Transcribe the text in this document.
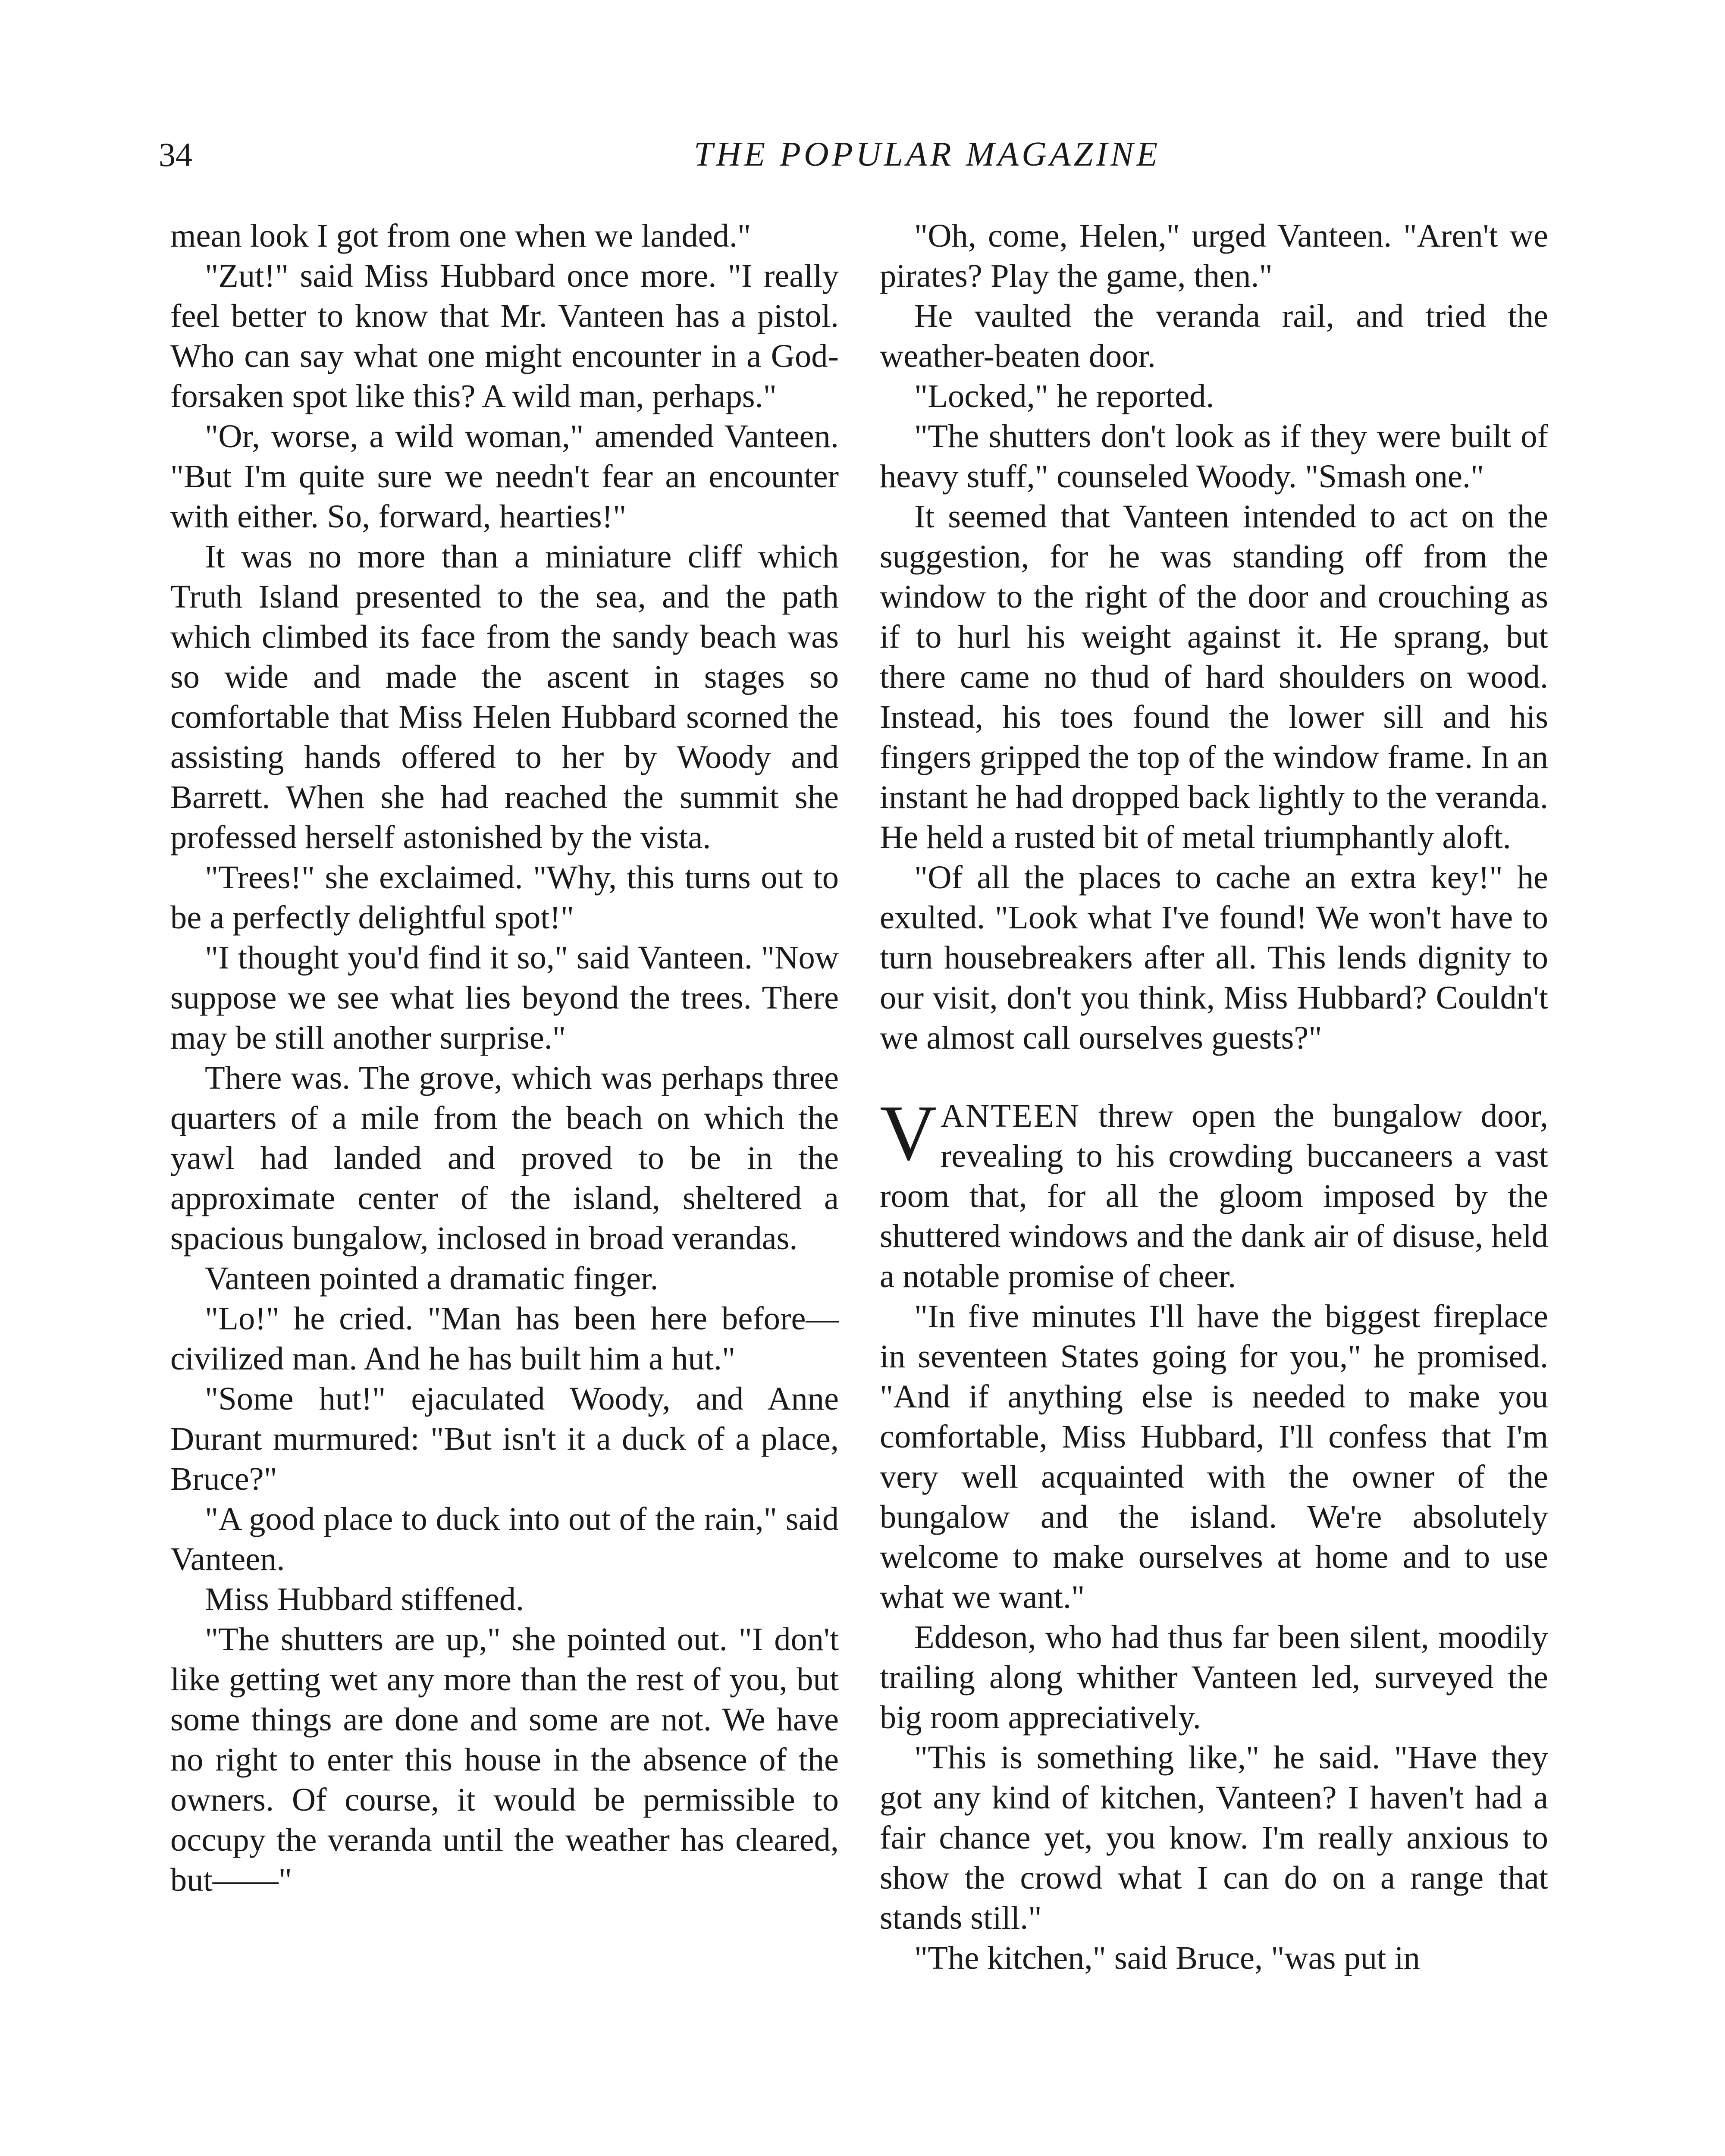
34	THE POPULAR MAGAZINE

mean look I got from one when we landed."

"Zut!" said Miss Hubbard once more. "I really feel better to know that Mr. Vanteen has a pistol. Who can say what one might encounter in a God-forsaken spot like this? A wild man, perhaps."

"Or, worse, a wild woman," amended Vanteen. "But I'm quite sure we needn't fear an encounter with either. So, forward, hearties!"

It was no more than a miniature cliff which Truth Island presented to the sea, and the path which climbed its face from the sandy beach was so wide and made the ascent in stages so comfortable that Miss Helen Hubbard scorned the assisting hands offered to her by Woody and Barrett. When she had reached the summit she professed herself astonished by the vista.

"Trees!" she exclaimed. "Why, this turns out to be a perfectly delightful spot!"

"I thought you'd find it so," said Vanteen. "Now suppose we see what lies beyond the trees. There may be still another surprise."

There was. The grove, which was perhaps three quarters of a mile from the beach on which the yawl had landed and proved to be in the approximate center of the island, sheltered a spacious bungalow, inclosed in broad verandas.

Vanteen pointed a dramatic finger.

"Lo!" he cried. "Man has been here before—civilized man. And he has built him a hut."

"Some hut!" ejaculated Woody, and Anne Durant murmured: "But isn't it a duck of a place, Bruce?"

"A good place to duck into out of the rain," said Vanteen.

Miss Hubbard stiffened.

"The shutters are up," she pointed out. "I don't like getting wet any more than the rest of you, but some things are done and some are not. We have no right to enter this house in the absence of the owners. Of course, it would be permissible to occupy the veranda until the weather has cleared, but——"

"Oh, come, Helen," urged Vanteen. "Aren't we pirates? Play the game, then."

He vaulted the veranda rail, and tried the weather-beaten door.

"Locked," he reported.

"The shutters don't look as if they were built of heavy stuff," counseled Woody. "Smash one."

It seemed that Vanteen intended to act on the suggestion, for he was standing off from the window to the right of the door and crouching as if to hurl his weight against it. He sprang, but there came no thud of hard shoulders on wood. Instead, his toes found the lower sill and his fingers gripped the top of the window frame. In an instant he had dropped back lightly to the veranda. He held a rusted bit of metal triumphantly aloft.

"Of all the places to cache an extra key!" he exulted. "Look what I've found! We won't have to turn housebreakers after all. This lends dignity to our visit, don't you think, Miss Hubbard? Couldn't we almost call ourselves guests?"

VANTEEN threw open the bungalow door, revealing to his crowding buccaneers a vast room that, for all the gloom imposed by the shuttered windows and the dank air of disuse, held a notable promise of cheer.

"In five minutes I'll have the biggest fireplace in seventeen States going for you," he promised. "And if anything else is needed to make you comfortable, Miss Hubbard, I'll confess that I'm very well acquainted with the owner of the bungalow and the island. We're absolutely welcome to make ourselves at home and to use what we want."

Eddeson, who had thus far been silent, moodily trailing along whither Vanteen led, surveyed the big room appreciatively.

"This is something like," he said. "Have they got any kind of kitchen, Vanteen? I haven't had a fair chance yet, you know. I'm really anxious to show the crowd what I can do on a range that stands still."

"The kitchen," said Bruce, "was put in
